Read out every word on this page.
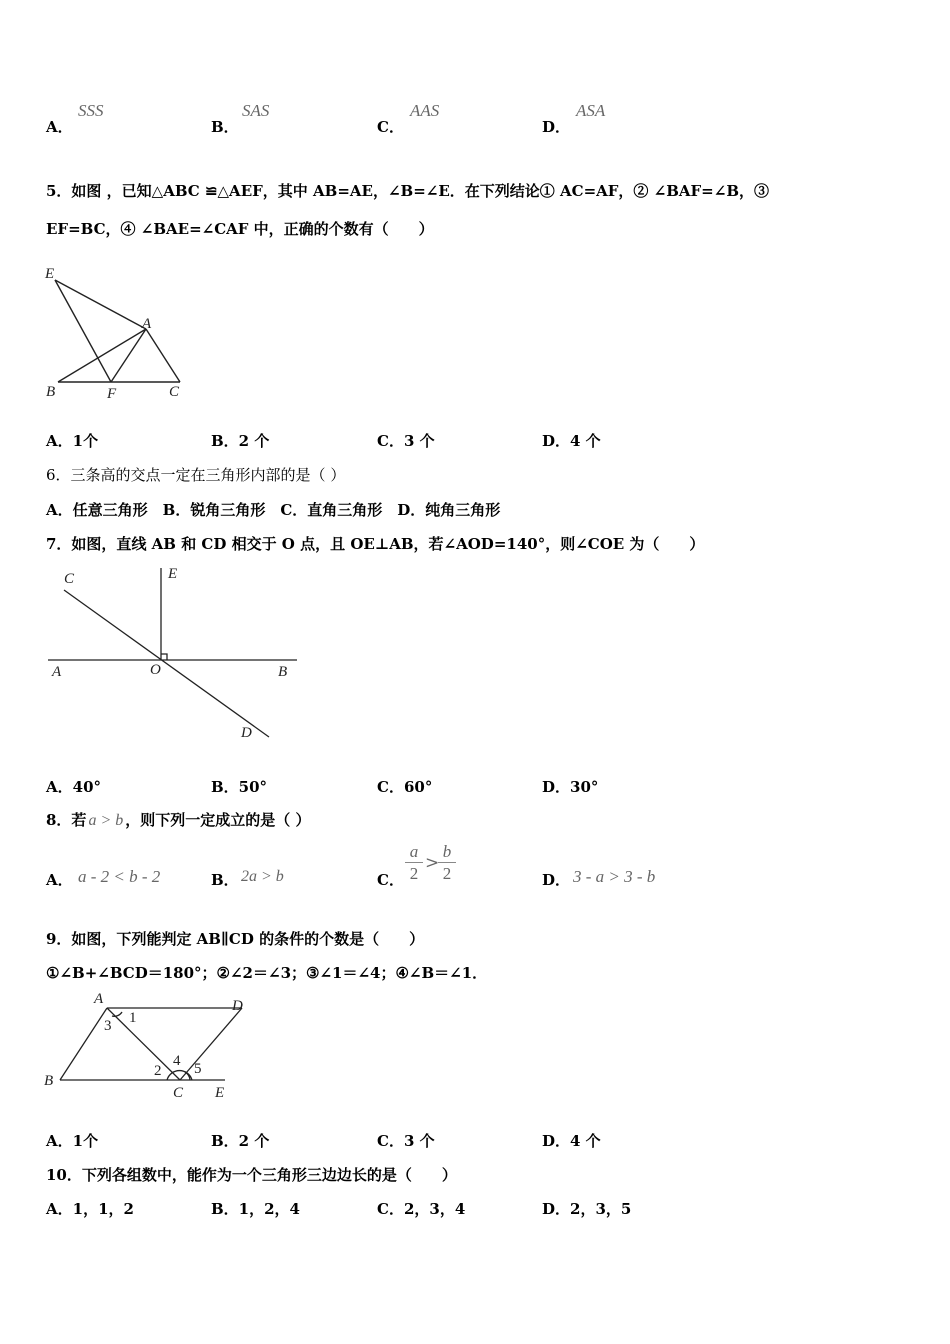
A．
SSS
B．
SAS
C．
AAS
D．
ASA
5．如图 ，已知△ABC ≌△AEF，其中 AB=AE，∠B=∠E．在下列结论① AC=AF，② ∠BAF=∠B，③
EF=BC，④ ∠BAE=∠CAF 中，正确的个数有（　　）
E
A
B	F	C
A．1个	B．2 个	C．3 个	D．4 个
6．三条高的交点一定在三角形内部的是（ ）
A．任意三角形　B．锐角三角形　C．直角三角形　D．纯角三角形
7．如图，直线 AB 和 CD 相交于 O 点，且 OE⊥AB，若∠AOD=140°，则∠COE 为（　　）
C	E
A	O	B
D
A．40°	B．50°	C．60°	D．30°
8．若 a > b ，则下列一定成立的是（ ）
A． a - 2 < b - 2	B． 2a > b	C． $\frac{a}{2}$ >
$\frac{b}{2}$	D． 3 - a > 3 - b
9．如图，下列能判定 AB∥CD 的条件的个数是（　　）
①∠B+∠BCD＝180°；②∠2＝∠3；③∠1＝∠4；④∠B＝∠1．
A	D
3 1
4
2 5
B
C E
A．1个	B．2 个	C．3 个	D．4 个
10．下列各组数中，能作为一个三角形三边边长的是（　　）
A．1，1，2	B．1，2，4	C．2，3，4	D．2，3，5
